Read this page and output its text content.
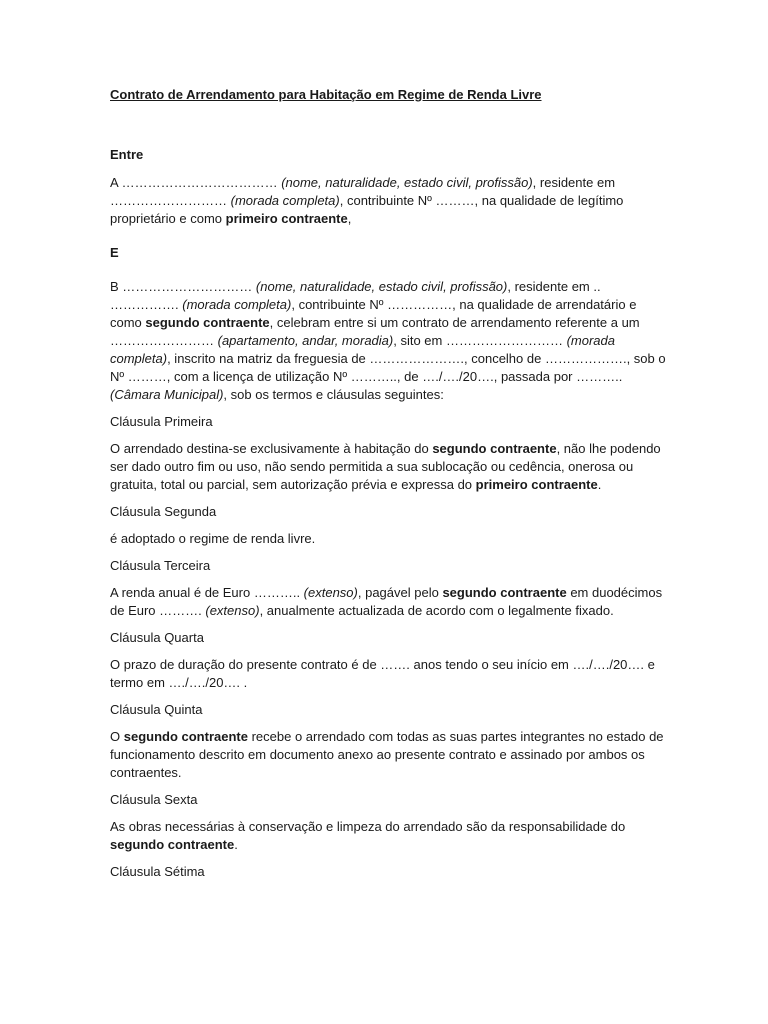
Contrato de Arrendamento para Habitação em Regime de Renda Livre

Entre

A ……………………………… (nome, naturalidade, estado civil, profissão), residente em ……………………… (morada completa), contribuinte Nº ………, na qualidade de legítimo proprietário e como primeiro contraente,

E

B ………………………… (nome, naturalidade, estado civil, profissão), residente em .. ……………. (morada completa), contribuinte Nº ……………, na qualidade de arrendatário e como segundo contraente, celebram entre si um contrato de arrendamento referente a um …………………… (apartamento, andar, moradia), sito em ……………………… (morada completa), inscrito na matriz da freguesia de …………………., concelho de ………………., sob o Nº ………, com a licença de utilização Nº ……….., de …./…./20…., passada por ……….. (Câmara Municipal), sob os termos e cláusulas seguintes:

Cláusula Primeira

O arrendado destina-se exclusivamente à habitação do segundo contraente, não lhe podendo ser dado outro fim ou uso, não sendo permitida a sua sublocação ou cedência, onerosa ou gratuita, total ou parcial, sem autorização prévia e expressa do primeiro contraente.

Cláusula Segunda

é adoptado o regime de renda livre.

Cláusula Terceira

A renda anual é de Euro ……….. (extenso), pagável pelo segundo contraente em duodécimos de Euro ………. (extenso), anualmente actualizada de acordo com o legalmente fixado.

Cláusula Quarta

O prazo de duração do presente contrato é de ……. anos tendo o seu início em …./…./20…. e termo em …./…./20…. .

Cláusula Quinta

O segundo contraente recebe o arrendado com todas as suas partes integrantes no estado de funcionamento descrito em documento anexo ao presente contrato e assinado por ambos os contraentes.

Cláusula Sexta

As obras necessárias à conservação e limpeza do arrendado são da responsabilidade do segundo contraente.

Cláusula Sétima
